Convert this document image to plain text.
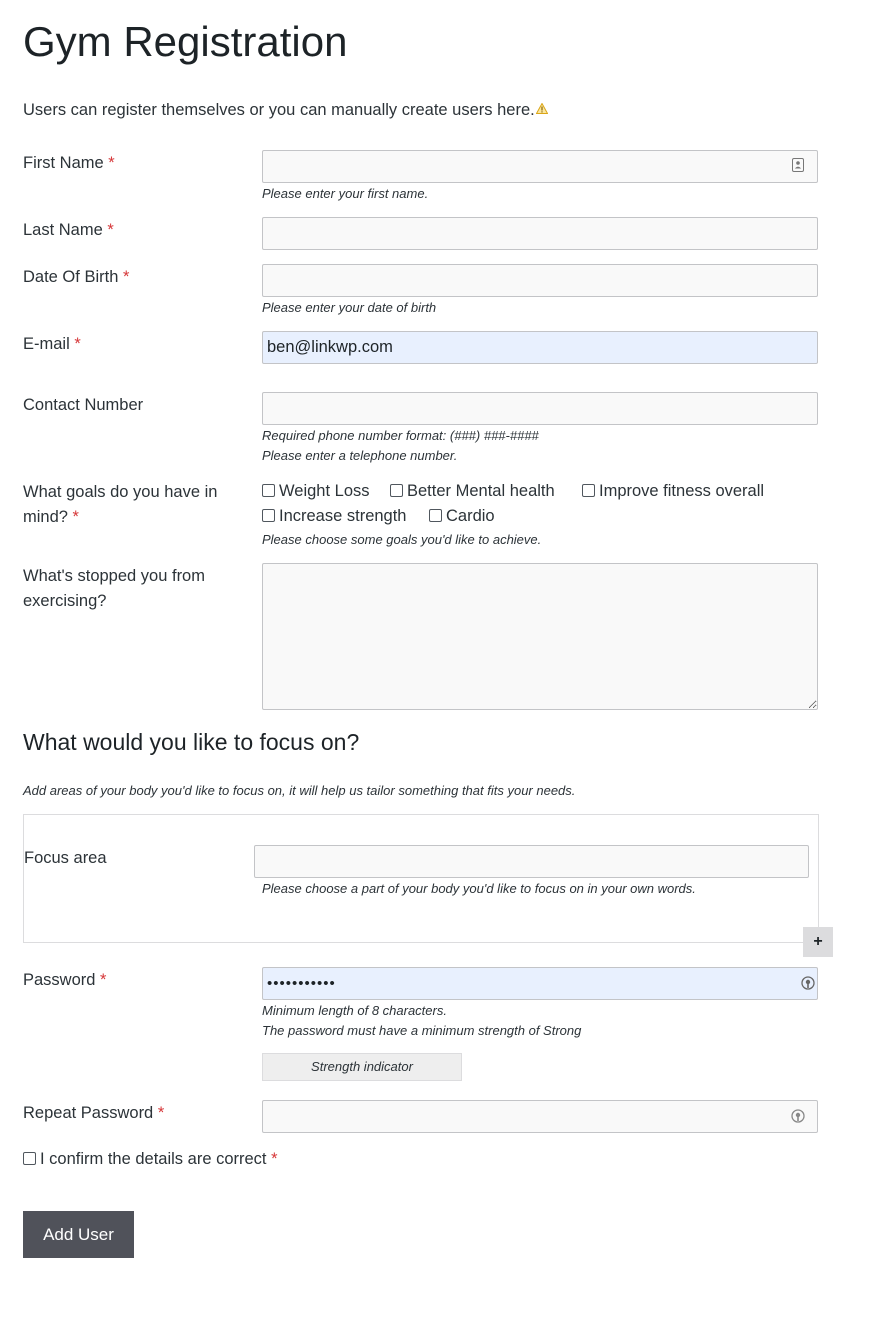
Gym Registration
Users can register themselves or you can manually create users here.
First Name *
Please enter your first name.
Last Name *
Date Of Birth *
Please enter your date of birth
E-mail *
ben@linkwp.com
Contact Number
Required phone number format: (###) ###-####
Please enter a telephone number.
What goals do you have in
mind? *
Weight Loss	Better Mental health	Improve fitness overall
Increase strength	Cardio
Please choose some goals you'd like to achieve.
What's stopped you from
exercising?
What would you like to focus on?
Add areas of your body you'd like to focus on, it will help us tailor something that fits your needs.
Focus area
Please choose a part of your body you'd like to focus on in your own words.
+
Password *	•••••••••••
Minimum length of 8 characters.
The password must have a minimum strength of Strong
Strength indicator
Repeat Password *
I confirm the details are correct *
Add User
